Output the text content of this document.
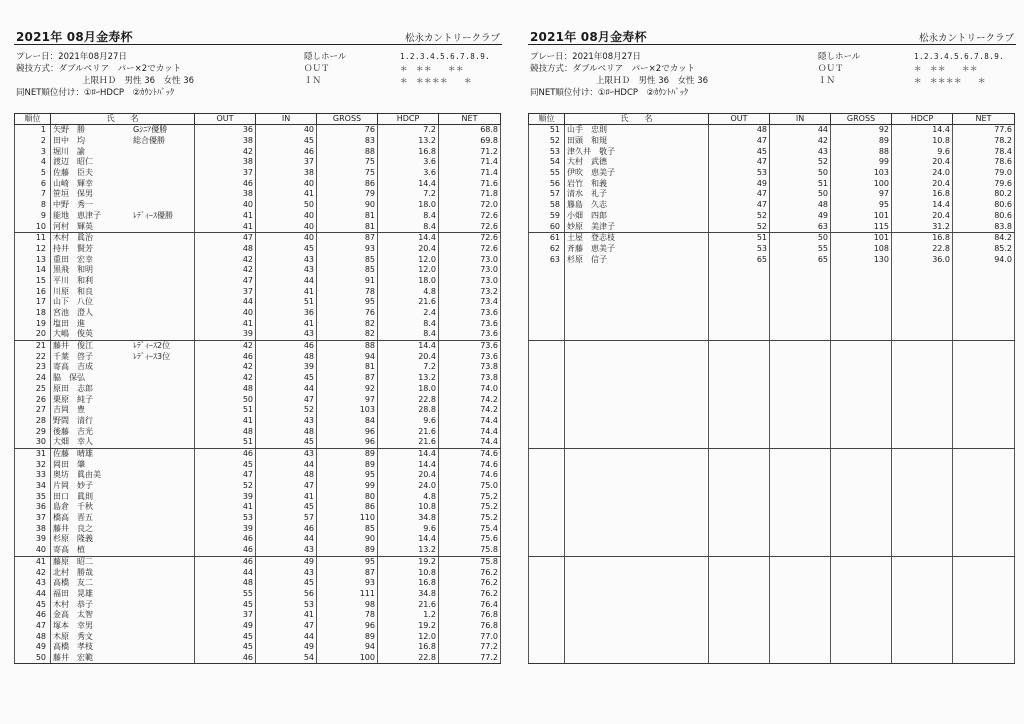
2021年 08月金寿杯	松永カントリークラブ
プレー日：2021年08月27日
競技方式：ダブルペリア　パー×2でカット
上限ＨＤ　男性 36　女性 36
同NET順位付け：①ﾛｰHDCP　②ｶｳﾝﾄﾊﾞｯｸ
隠しホール	1.2.3.4.5.6.7.8.9.
ＯＵＴ	＊　＊＊　　＊＊
ＩＮ	＊　＊＊＊＊　　＊
順位	氏　　名	OUT	IN	GROSS	HDCP	NET
1	矢野　勝 Gｼﾆｱ優勝	36	40	76	7.2	68.8
2	田中　均 総合優勝	38	45	83	13.2	69.8
3	堀川　諭	42	46	88	16.8	71.2
4	渡辺　昭仁	38	37	75	3.6	71.4
5	佐藤　臣夫	37	38	75	3.6	71.4
6	山崎　輝幸	46	40	86	14.4	71.6
7	笹垣　保男	38	41	79	7.2	71.8
8	中野　秀一	40	50	90	18.0	72.0
9	能地　恵津子 ﾚﾃﾞｨｰｽ優勝	41	40	81	8.4	72.6
10	河村　輝英	41	40	81	8.4	72.6
11	木村　眞治	47	40	87	14.4	72.6
12	持井　賢芳	48	45	93	20.4	72.6
13	重田　宏幸	42	43	85	12.0	73.0
14	黒飛　和明	42	43	85	12.0	73.0
15	平川　和利	47	44	91	18.0	73.0
16	川原　和良	37	41	78	4.8	73.2
17	山下　八位	44	51	95	21.6	73.4
18	宮池　澄人	40	36	76	2.4	73.6
19	塩田　進	41	41	82	8.4	73.6
20	大嶋　俊英	39	43	82	8.4	73.6
21	藤井　俊江 ﾚﾃﾞｨｰｽ2位	42	46	88	14.4	73.6
22	千葉　啓子 ﾚﾃﾞｨｰｽ3位	46	48	94	20.4	73.6
23	寄高　吉成	42	39	81	7.2	73.8
24	脇　保弘	42	45	87	13.2	73.8
25	原田　志郎	48	44	92	18.0	74.0
26	栗原　純子	50	47	97	22.8	74.2
27	吉岡　豊	51	52	103	28.8	74.2
28	野間　清行	41	43	84	9.6	74.4
29	後藤　吉光	48	48	96	21.6	74.4
30	大畑　幸人	51	45	96	21.6	74.4
31	佐藤　晴雄	46	43	89	14.4	74.6
32	岡田　肇	45	44	89	14.4	74.6
33	奥坊　眞由美	47	48	95	20.4	74.6
34	片岡　妙子	52	47	99	24.0	75.0
35	田口　眞則	39	41	80	4.8	75.2
36	島倉　千秋	41	45	86	10.8	75.2
37	橋高　晋五	53	57	110	34.8	75.2
38	藤井　良之	39	46	85	9.6	75.4
39	杉原　隆義	46	44	90	14.4	75.6
40	寄高　植	46	43	89	13.2	75.8
41	藤原　昭二	46	49	95	19.2	75.8
42	北村　勝哉	44	43	87	10.8	76.2
43	高橋　友二	48	45	93	16.8	76.2
44	福田　晃雄	55	56	111	34.8	76.2
45	木村　恭子	45	53	98	21.6	76.4
46	金高　太智	37	41	78	1.2	76.8
47	塚本　幸男	49	47	96	19.2	76.8
48	木原　秀文	45	44	89	12.0	77.0
49	高橋　孝枝	45	49	94	16.8	77.2
50	藤井　宏範	46	54	100	22.8	77.2
2021年 08月金寿杯	松永カントリークラブ
プレー日：2021年08月27日
競技方式：ダブルペリア　パー×2でカット
上限ＨＤ　男性 36　女性 36
同NET順位付け：①ﾛｰHDCP　②ｶｳﾝﾄﾊﾞｯｸ
隠しホール	1.2.3.4.5.6.7.8.9.
ＯＵＴ	＊　＊＊　　＊＊
ＩＮ	＊　＊＊＊＊　　＊
順位	氏　　名	OUT	IN	GROSS	HDCP	NET
51	山手　忠則	48	44	92	14.4	77.6
52	田頭　和規	47	42	89	10.8	78.2
53	津久井　敬子	45	43	88	9.6	78.4
54	大村　武德	47	52	99	20.4	78.6
55	伊吹　恵美子	53	50	103	24.0	79.0
56	岩竹　和義	49	51	100	20.4	79.6
57	清水　礼子	47	50	97	16.8	80.2
58	籐島　久志	47	48	95	14.4	80.6
59	小畑　四郎	52	49	101	20.4	80.6
60	妙原　美津子	52	63	115	31.2	83.8
61	土屋　登志枝	51	50	101	16.8	84.2
62	斉藤　恵美子	53	55	108	22.8	85.2
63	杉原　信子	65	65	130	36.0	94.0
